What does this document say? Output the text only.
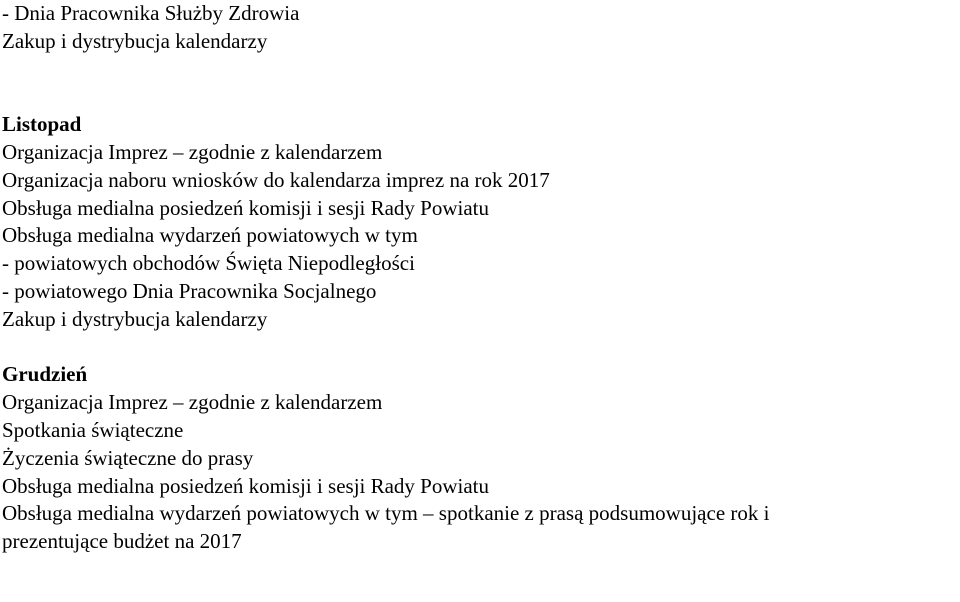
- Dnia Pracownika Służby Zdrowia
Zakup i dystrybucja kalendarzy
Listopad
Organizacja Imprez – zgodnie z kalendarzem
Organizacja naboru wniosków do kalendarza imprez na rok 2017
Obsługa medialna posiedzeń komisji i sesji Rady Powiatu
Obsługa medialna wydarzeń powiatowych w tym
- powiatowych obchodów Święta Niepodległości
- powiatowego Dnia Pracownika Socjalnego
Zakup i dystrybucja kalendarzy
Grudzień
Organizacja Imprez – zgodnie z kalendarzem
Spotkania świąteczne
Życzenia świąteczne do prasy
Obsługa medialna posiedzeń komisji i sesji Rady Powiatu
Obsługa medialna wydarzeń powiatowych w tym – spotkanie z prasą podsumowujące rok i
prezentujące budżet na 2017
